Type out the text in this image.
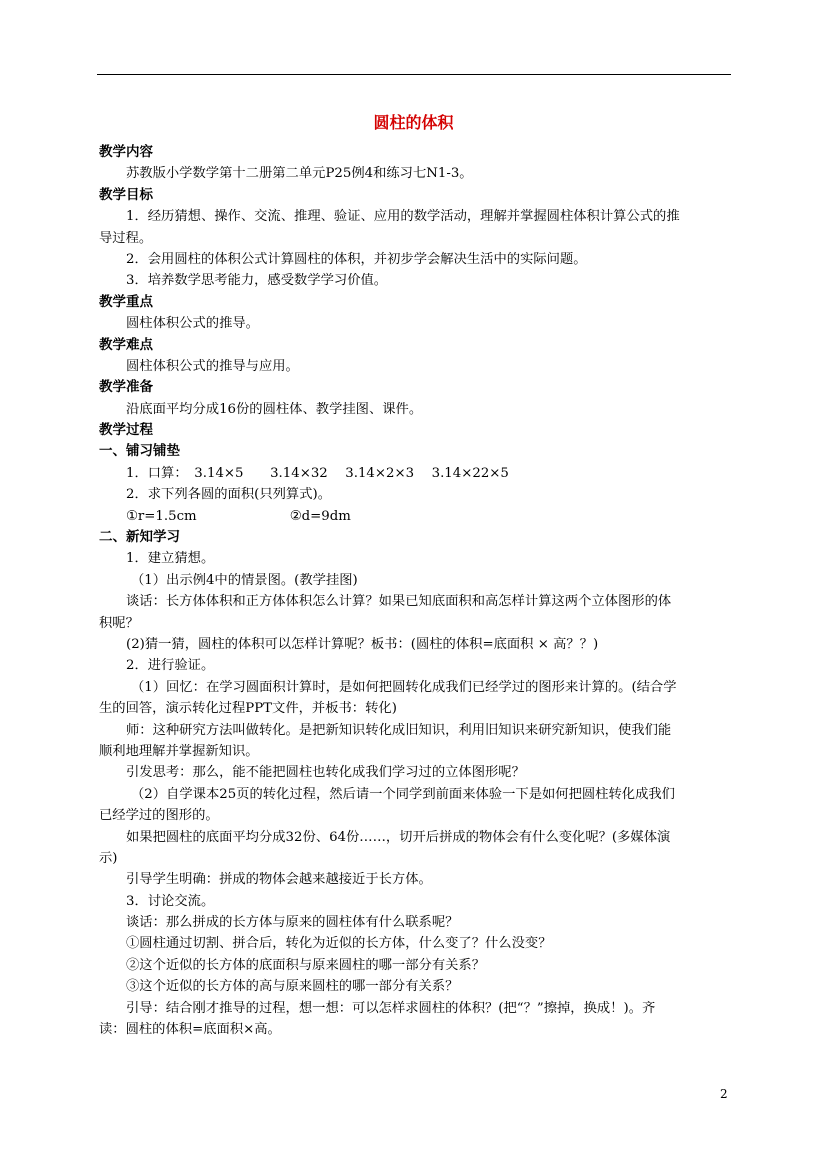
圆柱的体积
教学内容
苏教版小学数学第十二册第二单元P25例4和练习七N1-3。
教学目标
1．经历猜想、操作、交流、推理、验证、应用的数学活动，理解并掌握圆柱体积计算公式的推
导过程。
2．会用圆柱的体积公式计算圆柱的体积，并初步学会解决生活中的实际问题。
3．培养数学思考能力，感受数学学习价值。
教学重点
圆柱体积公式的推导。
教学难点
圆柱体积公式的推导与应用。
教学准备
沿底面平均分成16份的圆柱体、教学挂图、课件。
教学过程
一、铺习铺垫
1．口算：　3.14×5　　3.14×32　 3.14×2×3　 3.14×22×5
2．求下列各圆的面积(只列算式)。
①r=1.5cm　　　　　　　②d=9dm
二、新知学习
1．建立猜想。
（1）出示例4中的情景图。(教学挂图)
谈话：长方体体积和正方体体积怎么计算？如果已知底面积和高怎样计算这两个立体图形的体
积呢？
(2)猜一猜，圆柱的体积可以怎样计算呢？板书：(圆柱的体积=底面积 × 高？？)
2．进行验证。
（1）回忆：在学习圆面积计算时，是如何把圆转化成我们已经学过的图形来计算的。(结合学
生的回答，演示转化过程PPT文件，并板书：转化)
师：这种研究方法叫做转化。是把新知识转化成旧知识，利用旧知识来研究新知识，使我们能
顺利地理解并掌握新知识。
引发思考：那么，能不能把圆柱也转化成我们学习过的立体图形呢？
（2）自学课本25页的转化过程，然后请一个同学到前面来体验一下是如何把圆柱转化成我们
已经学过的图形的。
如果把圆柱的底面平均分成32份、64份……，切开后拼成的物体会有什么变化呢？(多媒体演
示)
引导学生明确：拼成的物体会越来越接近于长方体。
3．讨论交流。
谈话：那么拼成的长方体与原来的圆柱体有什么联系呢？
①圆柱通过切割、拼合后，转化为近似的长方体，什么变了？什么没变？
②这个近似的长方体的底面积与原来圆柱的哪一部分有关系？
③这个近似的长方体的高与原来圆柱的哪一部分有关系？
引导：结合刚才推导的过程，想一想：可以怎样求圆柱的体积？(把“？”擦掉，换成！)。齐
读：圆柱的体积=底面积×高。
2
